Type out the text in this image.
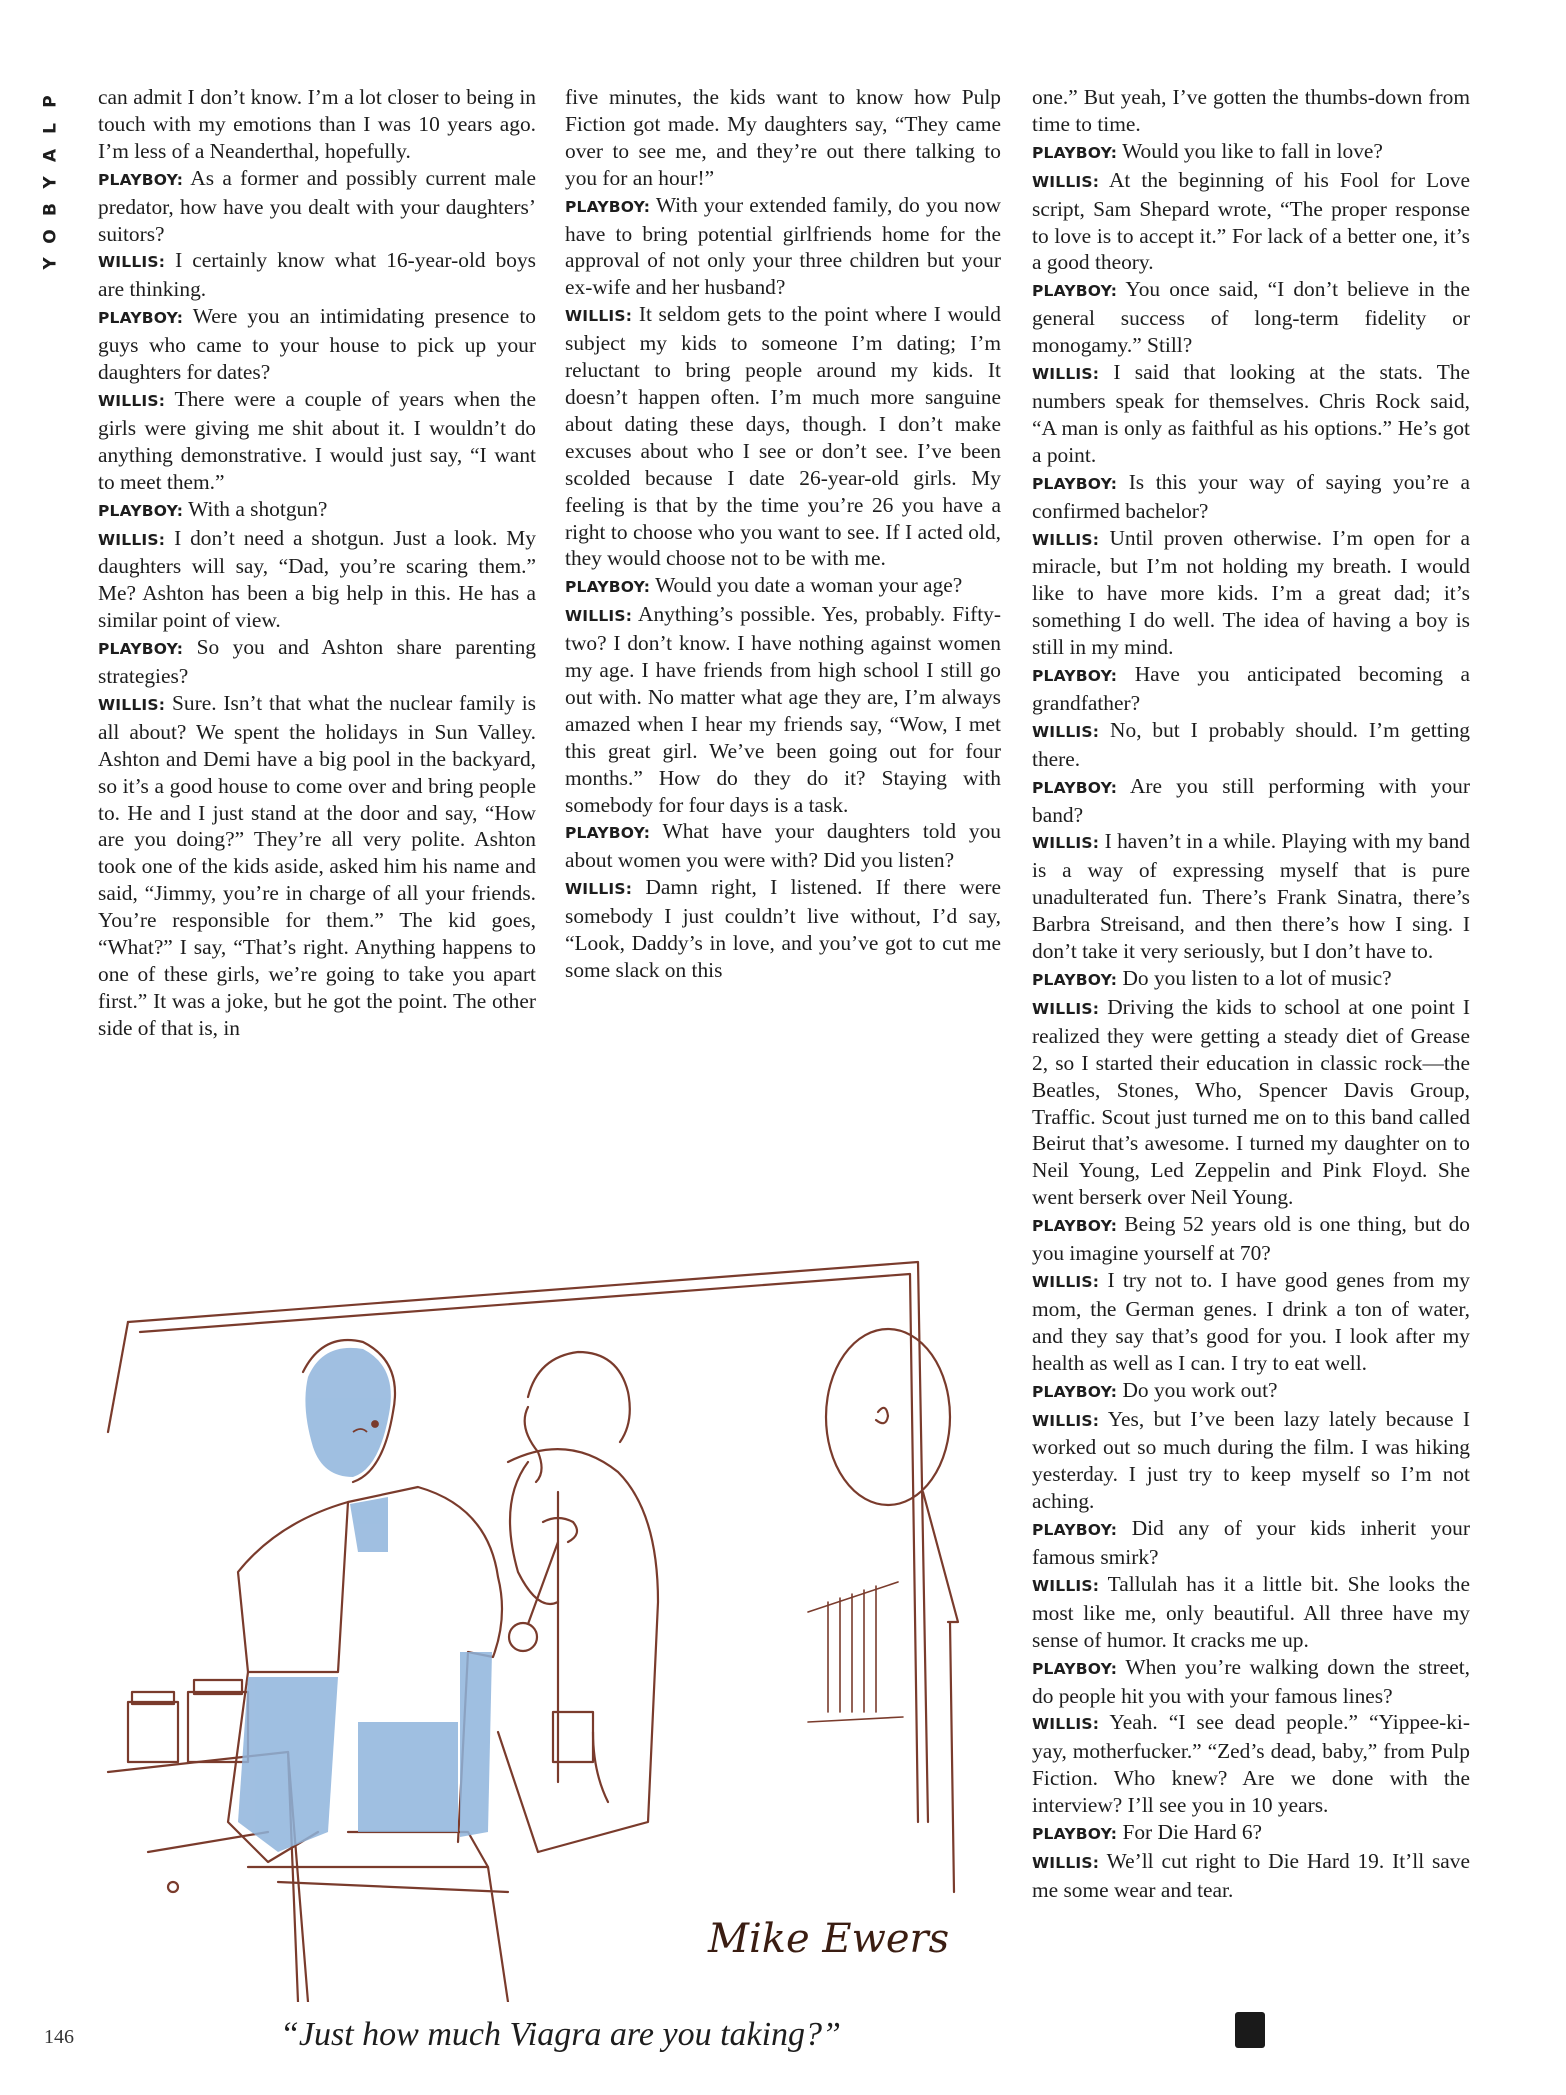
P
L
A
Y
B
O
Y

can admit I don’t know. I’m a lot closer to being in touch with my emotions than I was 10 years ago. I’m less of a Neanderthal, hopefully.

PLAYBOY: As a former and possibly current male predator, how have you dealt with your daughters’ suitors?

WILLIS: I certainly know what 16-year-old boys are thinking.

PLAYBOY: Were you an intimidating presence to guys who came to your house to pick up your daughters for dates?

WILLIS: There were a couple of years when the girls were giving me shit about it. I wouldn’t do anything demonstrative. I would just say, “I want to meet them.”

PLAYBOY: With a shotgun?

WILLIS: I don’t need a shotgun. Just a look. My daughters will say, “Dad, you’re scaring them.” Me? Ashton has been a big help in this. He has a similar point of view.

PLAYBOY: So you and Ashton share parenting strategies?

WILLIS: Sure. Isn’t that what the nuclear family is all about? We spent the holidays in Sun Valley. Ashton and Demi have a big pool in the backyard, so it’s a good house to come over and bring people to. He and I just stand at the door and say, “How are you doing?” They’re all very polite. Ashton took one of the kids aside, asked him his name and said, “Jimmy, you’re in charge of all your friends. You’re responsible for them.” The kid goes, “What?” I say, “That’s right. Anything happens to one of these girls, we’re going to take you apart first.” It was a joke, but he got the point. The other side of that is, in

five minutes, the kids want to know how Pulp Fiction got made. My daughters say, “They came over to see me, and they’re out there talking to you for an hour!”

PLAYBOY: With your extended family, do you now have to bring potential girlfriends home for the approval of not only your three children but your ex-wife and her husband?

WILLIS: It seldom gets to the point where I would subject my kids to someone I’m dating; I’m reluctant to bring people around my kids. It doesn’t happen often. I’m much more sanguine about dating these days, though. I don’t make excuses about who I see or don’t see. I’ve been scolded because I date 26-year-old girls. My feeling is that by the time you’re 26 you have a right to choose who you want to see. If I acted old, they would choose not to be with me.

PLAYBOY: Would you date a woman your age?

WILLIS: Anything’s possible. Yes, probably. Fifty-two? I don’t know. I have nothing against women my age. I have friends from high school I still go out with. No matter what age they are, I’m always amazed when I hear my friends say, “Wow, I met this great girl. We’ve been going out for four months.” How do they do it? Staying with somebody for four days is a task.

PLAYBOY: What have your daughters told you about women you were with? Did you listen?

WILLIS: Damn right, I listened. If there were somebody I just couldn’t live without, I’d say, “Look, Daddy’s in love, and you’ve got to cut me some slack on this

one.” But yeah, I’ve gotten the thumbs-down from time to time.

PLAYBOY: Would you like to fall in love?

WILLIS: At the beginning of his Fool for Love script, Sam Shepard wrote, “The proper response to love is to accept it.” For lack of a better one, it’s a good theory.

PLAYBOY: You once said, “I don’t believe in the general success of long-term fidelity or monogamy.” Still?

WILLIS: I said that looking at the stats. The numbers speak for themselves. Chris Rock said, “A man is only as faithful as his options.” He’s got a point.

PLAYBOY: Is this your way of saying you’re a confirmed bachelor?

WILLIS: Until proven otherwise. I’m open for a miracle, but I’m not holding my breath. I would like to have more kids. I’m a great dad; it’s something I do well. The idea of having a boy is still in my mind.

PLAYBOY: Have you anticipated becoming a grandfather?

WILLIS: No, but I probably should. I’m getting there.

PLAYBOY: Are you still performing with your band?

WILLIS: I haven’t in a while. Playing with my band is a way of expressing myself that is pure unadulterated fun. There’s Frank Sinatra, there’s Barbra Streisand, and then there’s how I sing. I don’t take it very seriously, but I don’t have to.

PLAYBOY: Do you listen to a lot of music?

WILLIS: Driving the kids to school at one point I realized they were getting a steady diet of Grease 2, so I started their education in classic rock—the Beatles, Stones, Who, Spencer Davis Group, Traffic. Scout just turned me on to this band called Beirut that’s awesome. I turned my daughter on to Neil Young, Led Zeppelin and Pink Floyd. She went berserk over Neil Young.

PLAYBOY: Being 52 years old is one thing, but do you imagine yourself at 70?

WILLIS: I try not to. I have good genes from my mom, the German genes. I drink a ton of water, and they say that’s good for you. I look after my health as well as I can. I try to eat well.

PLAYBOY: Do you work out?

WILLIS: Yes, but I’ve been lazy lately because I worked out so much during the film. I was hiking yesterday. I just try to keep myself so I’m not aching.

PLAYBOY: Did any of your kids inherit your famous smirk?

WILLIS: Tallulah has it a little bit. She looks the most like me, only beautiful. All three have my sense of humor. It cracks me up.

PLAYBOY: When you’re walking down the street, do people hit you with your famous lines?

WILLIS: Yeah. “I see dead people.” “Yippee-ki-yay, motherfucker.” “Zed’s dead, baby,” from Pulp Fiction. Who knew? Are we done with the interview? I’ll see you in 10 years.

PLAYBOY: For Die Hard 6?

WILLIS: We’ll cut right to Die Hard 19. It’ll save me some wear and tear.

Mike Ewers
“Just how much Viagra are you taking?”
146
